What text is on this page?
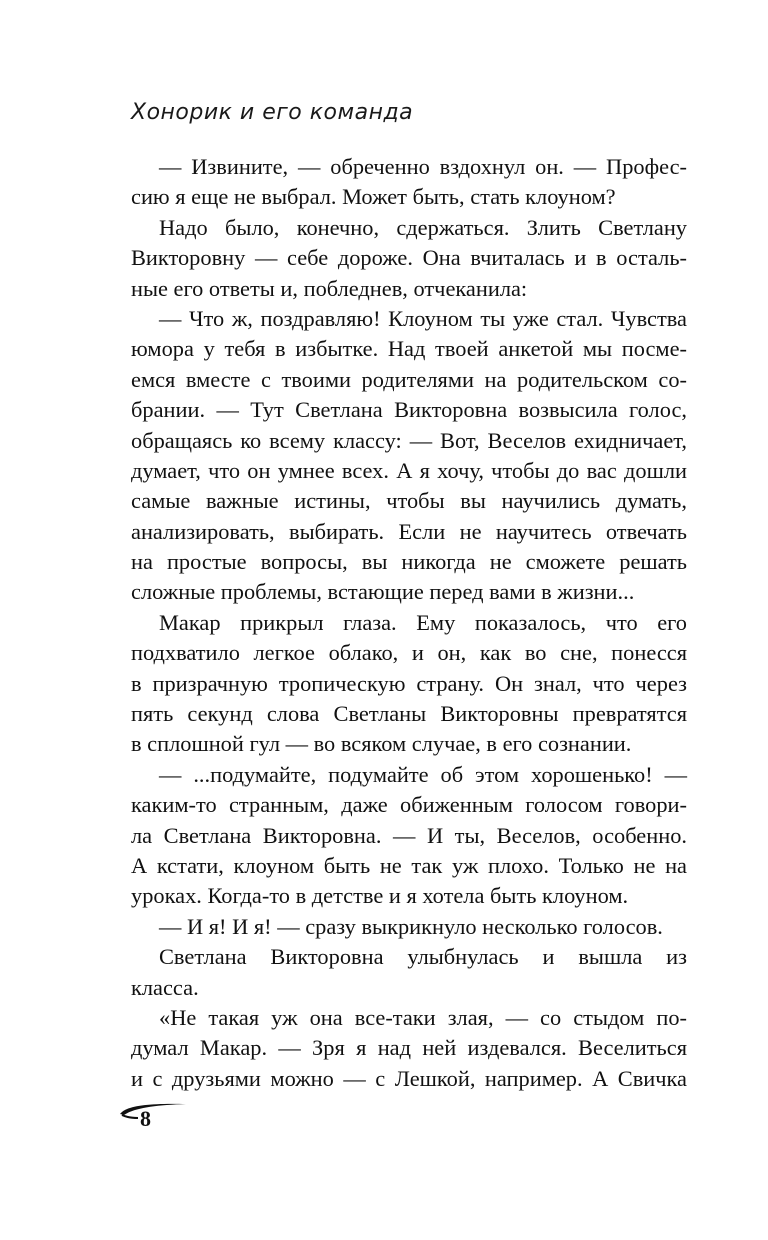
Хонорик и его команда
— Извините, — обреченно вздохнул он. — Профес-
сию я еще не выбрал. Может быть, стать клоуном?
Надо было, конечно, сдержаться. Злить Светлану
Викторовну — себе дороже. Она вчиталась и в осталь-
ные его ответы и, побледнев, отчеканила:
— Что ж, поздравляю! Клоуном ты уже стал. Чувства
юмора у тебя в избытке. Над твоей анкетой мы посме-
емся вместе с твоими родителями на родительском со-
брании. — Тут Светлана Викторовна возвысила голос,
обращаясь ко всему классу: — Вот, Веселов ехидничает,
думает, что он умнее всех. А я хочу, чтобы до вас дошли
самые важные истины, чтобы вы научились думать,
анализировать, выбирать. Если не научитесь отвечать
на простые вопросы, вы никогда не сможете решать
сложные проблемы, встающие перед вами в жизни...
Макар прикрыл глаза. Ему показалось, что его
подхватило легкое облако, и он, как во сне, понесся
в призрачную тропическую страну. Он знал, что через
пять секунд слова Светланы Викторовны превратятся
в сплошной гул — во всяком случае, в его сознании.
— ...подумайте, подумайте об этом хорошенько! —
каким-то странным, даже обиженным голосом говори-
ла Светлана Викторовна. — И ты, Веселов, особенно.
А кстати, клоуном быть не так уж плохо. Только не на
уроках. Когда-то в детстве и я хотела быть клоуном.
— И я! И я! — сразу выкрикнуло несколько голосов.
Светлана Викторовна улыбнулась и вышла из
класса.
«Не такая уж она все-таки злая, — со стыдом по-
думал Макар. — Зря я над ней издевался. Веселиться
и с друзьями можно — с Лешкой, например. А Свичка
8
